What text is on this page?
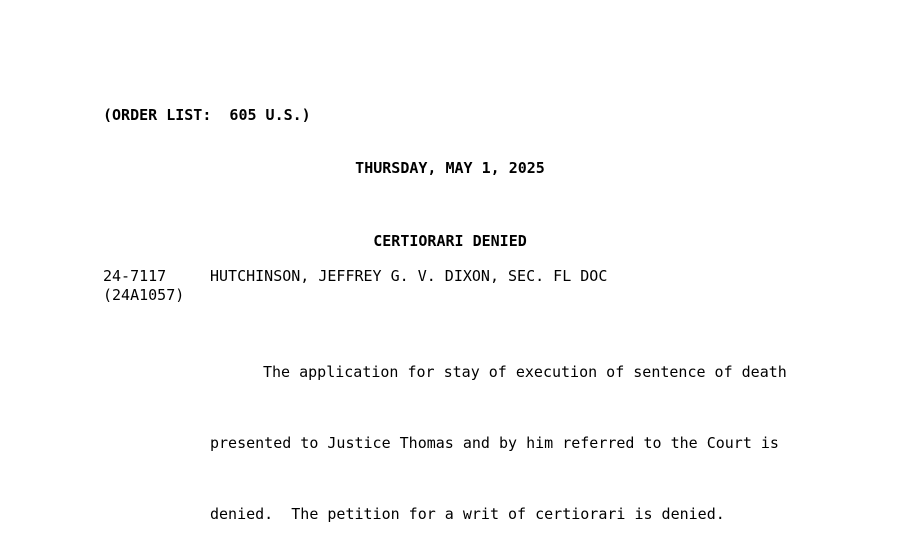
(ORDER LIST:  605 U.S.)
THURSDAY, MAY 1, 2025
CERTIORARI DENIED
24-7117
(24A1057)
HUTCHINSON, JEFFREY G. V. DIXON, SEC. FL DOC

The application for stay of execution of sentence of death

presented to Justice Thomas and by him referred to the Court is

denied.  The petition for a writ of certiorari is denied.
